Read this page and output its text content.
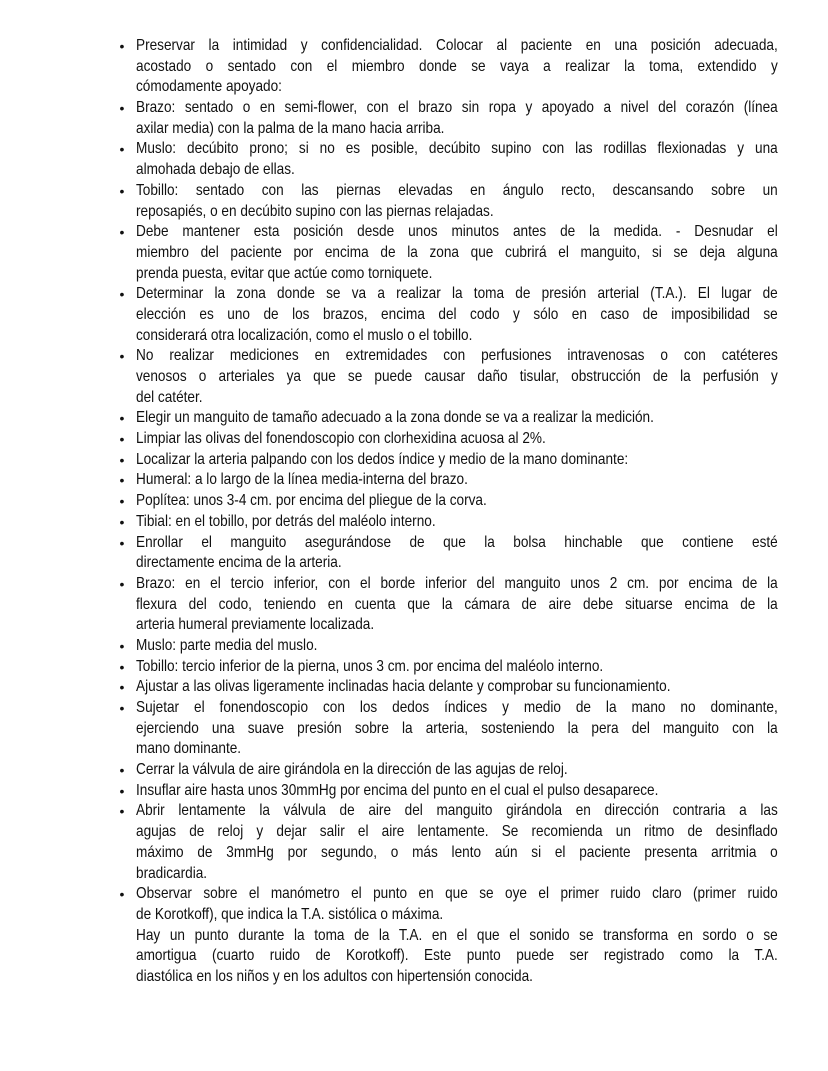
• Preservar la intimidad y confidencialidad. Colocar al paciente en una posición adecuada,
acostado o sentado con el miembro donde se vaya a realizar la toma, extendido y
cómodamente apoyado:
• Brazo: sentado o en semi-flower, con el brazo sin ropa y apoyado a nivel del corazón (línea
axilar media) con la palma de la mano hacia arriba.
• Muslo: decúbito prono; si no es posible, decúbito supino con las rodillas flexionadas y una
almohada debajo de ellas.
• Tobillo: sentado con las piernas elevadas en ángulo recto, descansando sobre un
reposapiés, o en decúbito supino con las piernas relajadas.
• Debe mantener esta posición desde unos minutos antes de la medida. - Desnudar el
miembro del paciente por encima de la zona que cubrirá el manguito, si se deja alguna
prenda puesta, evitar que actúe como torniquete.
• Determinar la zona donde se va a realizar la toma de presión arterial (T.A.). El lugar de
elección es uno de los brazos, encima del codo y sólo en caso de imposibilidad se
considerará otra localización, como el muslo o el tobillo.
• No realizar mediciones en extremidades con perfusiones intravenosas o con catéteres
venosos o arteriales ya que se puede causar daño tisular, obstrucción de la perfusión y
del catéter.
• Elegir un manguito de tamaño adecuado a la zona donde se va a realizar la medición.
• Limpiar las olivas del fonendoscopio con clorhexidina acuosa al 2%.
• Localizar la arteria palpando con los dedos índice y medio de la mano dominante:
• Humeral: a lo largo de la línea media-interna del brazo.
• Poplítea: unos 3-4 cm. por encima del pliegue de la corva.
• Tibial: en el tobillo, por detrás del maléolo interno.
• Enrollar el manguito asegurándose de que la bolsa hinchable que contiene esté
directamente encima de la arteria.
• Brazo: en el tercio inferior, con el borde inferior del manguito unos 2 cm. por encima de la
flexura del codo, teniendo en cuenta que la cámara de aire debe situarse encima de la
arteria humeral previamente localizada.
• Muslo: parte media del muslo.
• Tobillo: tercio inferior de la pierna, unos 3 cm. por encima del maléolo interno.
• Ajustar a las olivas ligeramente inclinadas hacia delante y comprobar su funcionamiento.
• Sujetar el fonendoscopio con los dedos índices y medio de la mano no dominante,
ejerciendo una suave presión sobre la arteria, sosteniendo la pera del manguito con la
mano dominante.
• Cerrar la válvula de aire girándola en la dirección de las agujas de reloj.
• Insuflar aire hasta unos 30mmHg por encima del punto en el cual el pulso desaparece.
• Abrir lentamente la válvula de aire del manguito girándola en dirección contraria a las
agujas de reloj y dejar salir el aire lentamente. Se recomienda un ritmo de desinflado
máximo de 3mmHg por segundo, o más lento aún si el paciente presenta arritmia o
bradicardia.
• Observar sobre el manómetro el punto en que se oye el primer ruido claro (primer ruido
de Korotkoff), que indica la T.A. sistólica o máxima.
Hay un punto durante la toma de la T.A. en el que el sonido se transforma en sordo o se
amortigua (cuarto ruido de Korotkoff). Este punto puede ser registrado como la T.A.
diastólica en los niños y en los adultos con hipertensión conocida.
